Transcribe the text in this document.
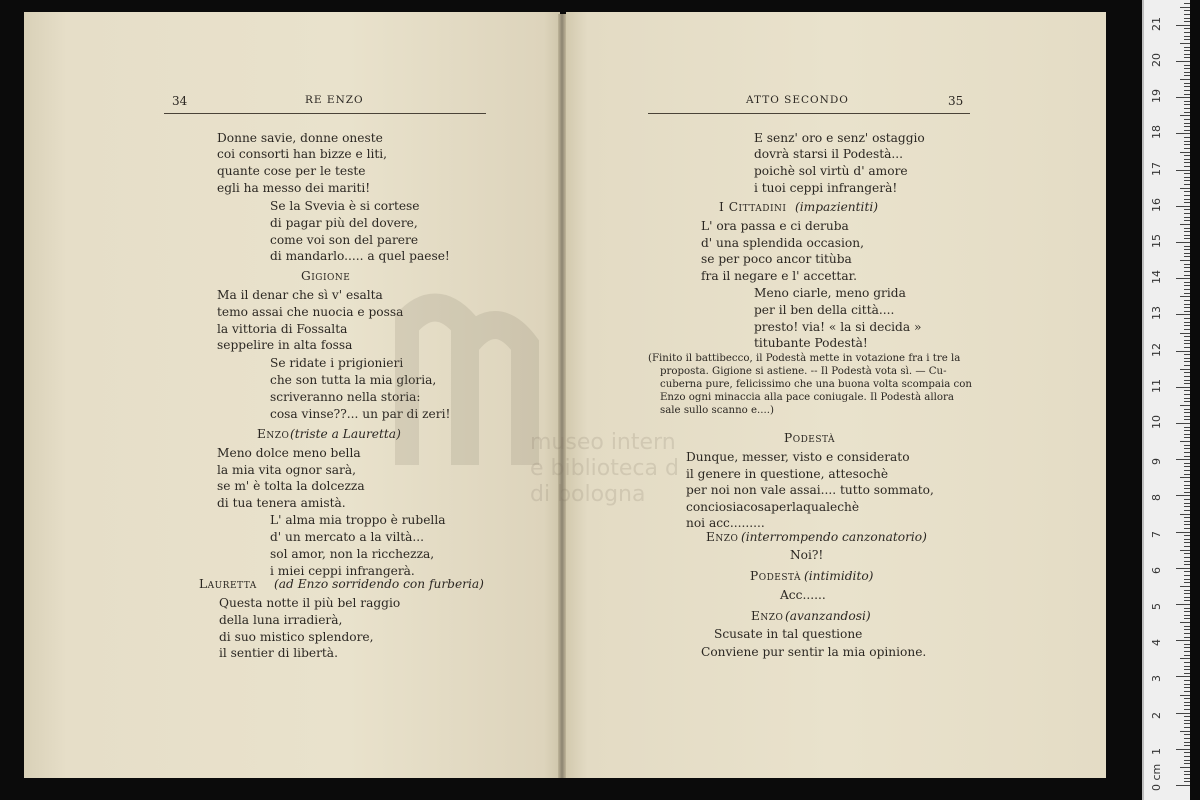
34	RE ENZO
Donne savie, donne oneste
coi consorti han bizze e liti,
quante cose per le teste
egli ha messo dei mariti!
Se la Svevia è si cortese
di pagar più del dovere,
come voi son del parere
di mandarlo..... a quel paese!
Gigione
Ma il denar che sì v' esalta
temo assai che nuocia e possa
la vittoria di Fossalta
seppelire in alta fossa
Se ridate i prigionieri
che son tutta la mia gloria,
scriveranno nella storia:
cosa vinse??... un par di zeri!
Enzo (triste a Lauretta)
Meno dolce meno bella
la mia vita ognor sarà,
se m' è tolta la dolcezza
di tua tenera amistà.
L' alma mia troppo è rubella
d' un mercato a la viltà...
sol amor, non la ricchezza,
i miei ceppi infrangerà.
Lauretta (ad Enzo sorridendo con furberia)
Questa notte il più bel raggio
della luna irradierà,
di suo mistico splendore,
il sentier di libertà.
ATTO SECONDO	35
E senz' oro e senz' ostaggio
dovrà starsi il Podestà...
poichè sol virtù d' amore
i tuoi ceppi infrangerà!
I Cittadini (impazientiti)
L' ora passa e ci deruba
d' una splendida occasion,
se per poco ancor titùba
fra il negare e l' accettar.
Meno ciarle, meno grida
per il ben della città....
presto! via! « la si decida »
titubante Podestà!
(Finito il battibecco, il Podestà mette in votazione fra i tre la
proposta. Gigione si astiene. -- Il Podestà vota sì. — Cu-
cuberna pure, felicissimo che una buona volta scompaia con
Enzo ogni minaccia alla pace coniugale. Il Podestà allora
sale sullo scanno e....)
Podestà
Dunque, messer, visto e considerato
il genere in questione, attesochè
per noi non vale assai.... tutto sommato,
conciosiacosaperlaqualechè
noi acc.........
Enzo (interrompendo canzonatorio)
Noi?!
Podestà (intimidito)
Acc......
Enzo (avanzandosi)
Scusate in tal questione
Conviene pur sentir la mia opinione.
museo intern
e biblioteca d
di bologna
0 cm
1
2
3
4
5
6
7
8
9
10
11
12
13
14
15
16
17
18
19
20
21
